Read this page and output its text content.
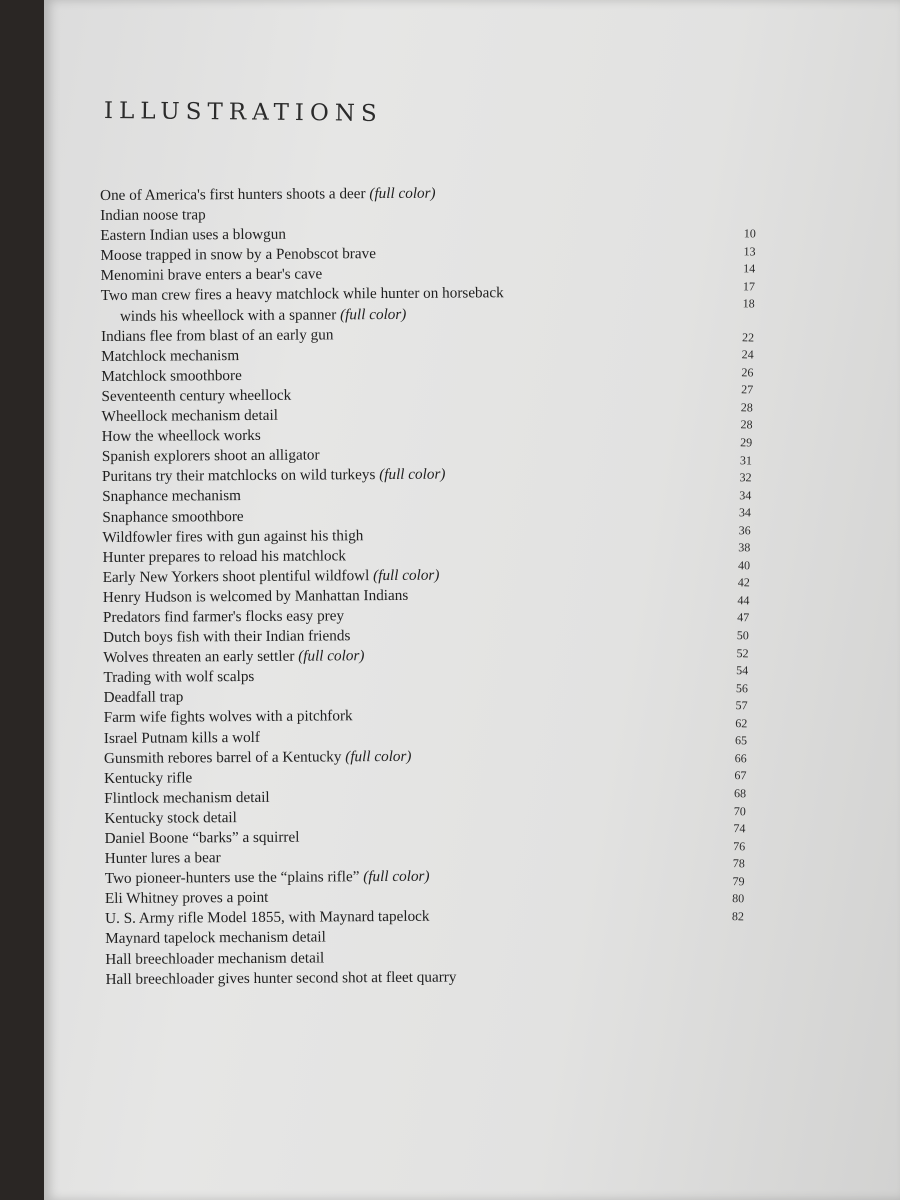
ILLUSTRATIONS
One of America's first hunters shoots a deer (full color)
Indian noose trap
Eastern Indian uses a blowgun
Moose trapped in snow by a Penobscot brave
Menomini brave enters a bear's cave
Two man crew fires a heavy matchlock while hunter on horseback
winds his wheellock with a spanner (full color)
Indians flee from blast of an early gun
Matchlock mechanism
Matchlock smoothbore
Seventeenth century wheellock
Wheellock mechanism detail
How the wheellock works
Spanish explorers shoot an alligator
Puritans try their matchlocks on wild turkeys (full color)
Snaphance mechanism
Snaphance smoothbore
Wildfowler fires with gun against his thigh
Hunter prepares to reload his matchlock
Early New Yorkers shoot plentiful wildfowl (full color)
Henry Hudson is welcomed by Manhattan Indians
Predators find farmer's flocks easy prey
Dutch boys fish with their Indian friends
Wolves threaten an early settler (full color)
Trading with wolf scalps
Deadfall trap
Farm wife fights wolves with a pitchfork
Israel Putnam kills a wolf
Gunsmith rebores barrel of a Kentucky (full color)
Kentucky rifle
Flintlock mechanism detail
Kentucky stock detail
Daniel Boone “barks” a squirrel
Hunter lures a bear
Two pioneer-hunters use the “plains rifle” (full color)
Eli Whitney proves a point
U. S. Army rifle Model 1855, with Maynard tapelock
Maynard tapelock mechanism detail
Hall breechloader mechanism detail
Hall breechloader gives hunter second shot at fleet quarry
10
13
14
17
18
22
24
26
27
28
28
29
31
32
34
34
36
38
40
42
44
47
50
52
54
56
57
62
65
66
67
68
70
74
76
78
79
80
82
